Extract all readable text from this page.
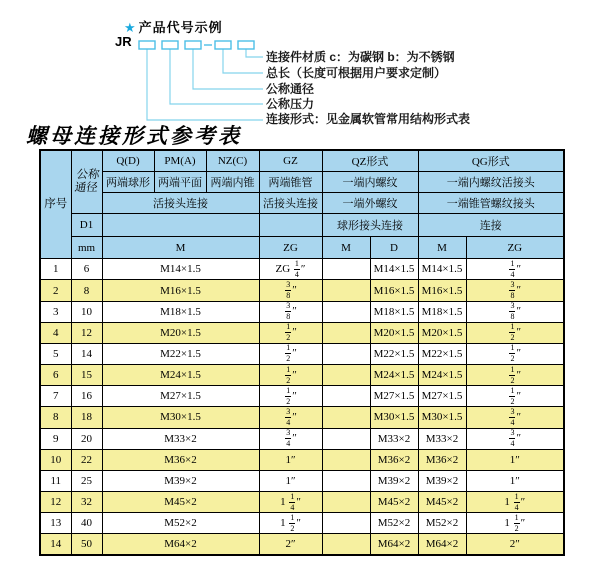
★ 产品代号示例
JR
连接件材质 c：为碳钢 b：为不锈钢
总长（长度可根据用户要求定制）
公称通径
公称压力
连接形式：见金属软管常用结构形式表
螺母连接形式参考表
序号	公称通径	Q(D)	PM(A)	NZ(C)	GZ	QZ形式		QG形式	
		两端球形	两端平面	两端内锥	两端锥管	一端内螺纹		一端内螺纹活接头	
		活接头连接			活接头连接	一端外螺纹		一端锥管螺纹接头	
	D1					球形接头连接		连接	
	mm	M			ZG	M	D	M	ZG
1	6	M14×1.5			ZG $\frac{1}{4}$ ″		M14×1.5	M14×1.5	$\frac{1}{4}$ ″
2	8	M16×1.5			$\frac{3}{8}$ ″		M16×1.5	M16×1.5	$\frac{3}{8}$ ″
3	10	M18×1.5			$\frac{3}{8}$ ″		M18×1.5	M18×1.5	$\frac{3}{8}$ ″
4	12	M20×1.5			$\frac{1}{2}$ ″		M20×1.5	M20×1.5	$\frac{1}{2}$ ″
5	14	M22×1.5			$\frac{1}{2}$ ″		M22×1.5	M22×1.5	$\frac{1}{2}$ ″
6	15	M24×1.5			$\frac{1}{2}$ ″		M24×1.5	M24×1.5	$\frac{1}{2}$ ″
7	16	M27×1.5			$\frac{1}{2}$ ″		M27×1.5	M27×1.5	$\frac{1}{2}$ ″
8	18	M30×1.5			$\frac{3}{4}$ ″		M30×1.5	M30×1.5	$\frac{3}{4}$ ″
9	20	M33×2			$\frac{3}{4}$ ″		M33×2	M33×2	$\frac{3}{4}$ ″
10	22	M36×2			1″		M36×2	M36×2	1″
11	25	M39×2			1″		M39×2	M39×2	1″
12	32	M45×2			$1 \frac{1}{4}$ ″		M45×2	M45×2	$1 \frac{1}{4}$ ″
13	40	M52×2			$1 \frac{1}{2}$ ″		M52×2	M52×2	$1 \frac{1}{2}$ ″
14	50	M64×2			2″		M64×2	M64×2	2″
